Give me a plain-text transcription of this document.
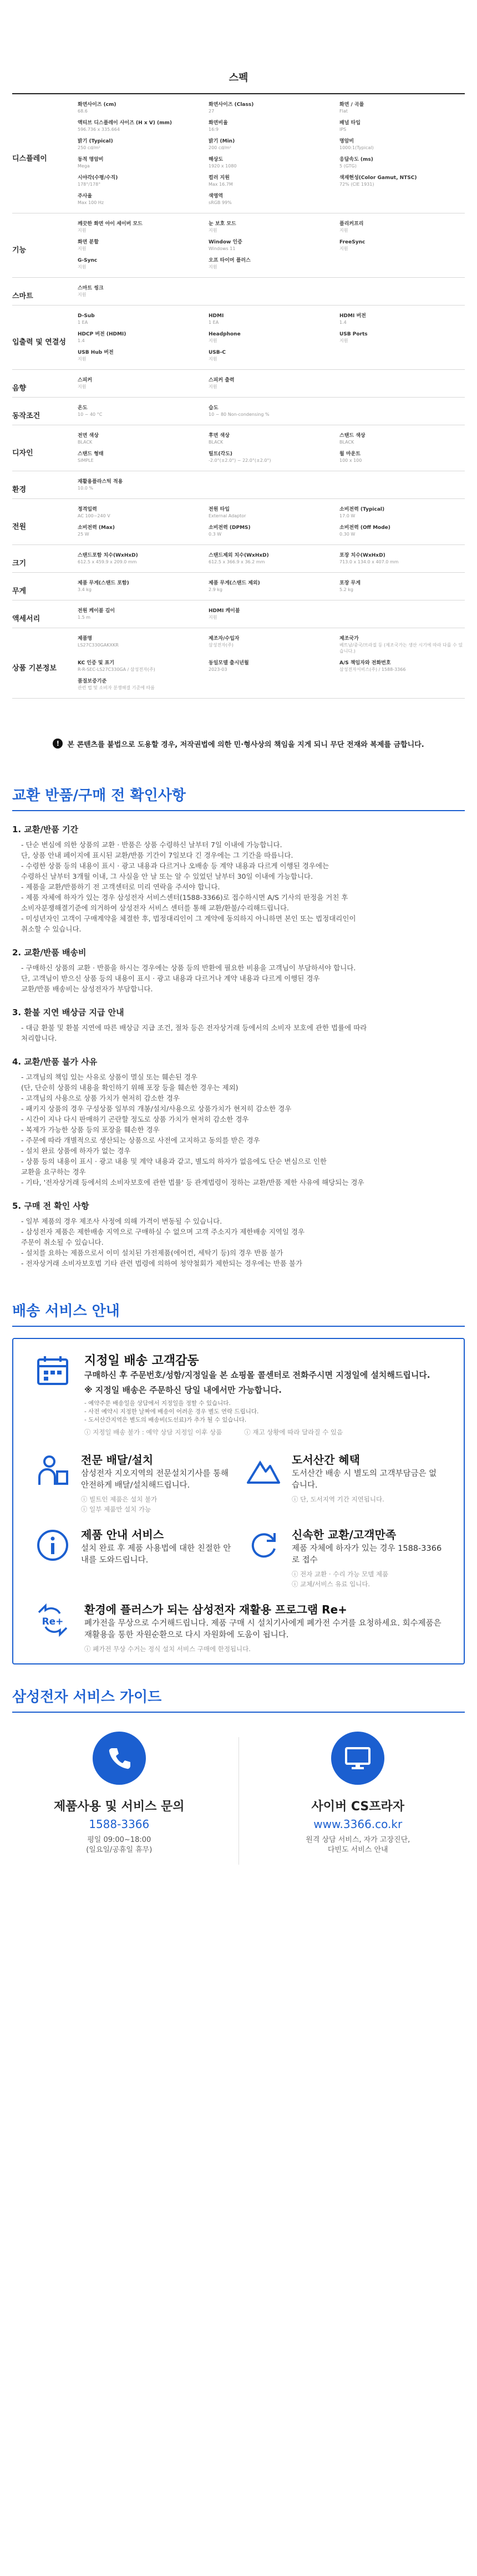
스펙
디스플레이
화면사이즈 (cm)
68.6
화면사이즈 (Class)
27
화면 / 곡률
Flat
액티브 디스플레이 사이즈 (H x V) (mm)
596.736 x 335.664
화면비율
16:9
패널 타입
IPS
밝기 (Typical)
250 cd/m²
밝기 (Min)
200 cd/m²
명암비
1000:1(Typical)
동적 명암비
Mega
해상도
1920 x 1080
응답속도 (ms)
5 (GTG)
시야각(수평/수직)
178°/178°
컬러 지원
Max 16.7M
색재현성(Color Gamut, NTSC)
72% (CIE 1931)
주사율
Max 100 Hz
색영역
sRGB 99%
기능
깨끗한 화면 아이 세이버 모드
지원
눈 보호 모드
지원
플리커프리
지원
화면 분할
지원
Window 인증
Windows 11
FreeSync
지원
G-Sync
지원
오프 타이머 플러스
지원
스마트
스마트 씽크
지원
입출력 및 연결성
D-Sub
1 EA
HDMI
1 EA
HDMI 버전
1.4
HDCP 버전 (HDMI)
1.4
Headphone
지원
USB Ports
지원
USB Hub 버전
지원
USB-C
지원
음향
스피커
지원
스피커 출력
지원
동작조건
온도
10 ~ 40 °C
습도
10 ~ 80 Non-condensing %
디자인
전면 색상
BLACK
후면 색상
BLACK
스탠드 색상
BLACK
스탠드 형태
SIMPLE
틸트(각도)
-2.0°(±2.0°) ~ 22.0°(±2.0°)
월 마운트
100 x 100
환경
재활용플라스틱 적용
10.0 %
전원
정격입력
AC 100~240 V
전원 타입
External Adaptor
소비전력 (Typical)
17.0 W
소비전력 (Max)
25 W
소비전력 (DPMS)
0.3 W
소비전력 (Off Mode)
0.30 W
크기
스탠드포함 치수(WxHxD)
612.5 x 459.9 x 209.0 mm
스탠드제외 치수(WxHxD)
612.5 x 366.9 x 36.2 mm
포장 치수(WxHxD)
713.0 x 134.0 x 407.0 mm
무게
제품 무게(스탠드 포함)
3.4 kg
제품 무게(스탠드 제외)
2.9 kg
포장 무게
5.2 kg
액세서리
전원 케이블 길이
1.5 m
HDMI 케이블
지원
상품 기본정보
제품명
LS27C330GAKXKR
제조자/수입자
삼성전자(주)
제조국가
베트남/중국/브라질 등 (제조국가는 생산 시기에 따라 다를 수 있습니다.)
KC 인증 및 표기
R-R-SEC-LS27C330GA / 삼성전자(주)
동일모델 출시년월
2023-03
A/S 책임자와 전화번호
삼성전자서비스(주) / 1588-3366
품질보증기준
관련 법 및 소비자 분쟁해결 기준에 따름
!	본 콘텐츠를 불법으로 도용할 경우, 저작권법에 의한 민·형사상의 책임을 지게 되니 무단 전재와 복제를 금합니다.
교환 반품/구매 전 확인사항
1. 교환/반품 기간

- 단순 변심에 의한 상품의 교환 · 반품은 상품 수령하신 날부터 7일 이내에 가능합니다.

단, 상품 안내 페이지에 표시된 교환/반품 기간이 7일보다 긴 경우에는 그 기간을 따릅니다.

- 수령한 상품 등의 내용이 표시 · 광고 내용과 다르거나 오배송 등 계약 내용과 다르게 이행된 경우에는

수령하신 날부터 3개월 이내, 그 사실을 안 날 또는 알 수 있었던 날부터 30일 이내에 가능합니다.

- 제품을 교환/반품하기 전 고객센터로 미리 연락을 주셔야 합니다.

- 제품 자체에 하자가 있는 경우 삼성전자 서비스센터(1588-3366)로 접수하시면 A/S 기사의 판정을 거친 후

소비자분쟁해결기준에 의거하여 삼성전자 서비스 센터를 통해 교환/환불/수리해드립니다.

- 미성년자인 고객이 구매계약을 체결한 후, 법정대리인이 그 계약에 동의하지 아니하면 본인 또는 법정대리인이

취소할 수 있습니다.

2. 교환/반품 배송비

- 구매하신 상품의 교환 · 반품을 하시는 경우에는 상품 등의 반환에 필요한 비용을 고객님이 부담하셔야 합니다.

단, 고객님이 받으신 상품 등의 내용이 표시 · 광고 내용과 다르거나 계약 내용과 다르게 이행된 경우

교환/반품 배송비는 삼성전자가 부담합니다.

3. 환불 지연 배상금 지급 안내

- 대금 환불 및 환불 지연에 따른 배상금 지급 조건, 절차 등은 전자상거래 등에서의 소비자 보호에 관한 법률에 따라

처리합니다.

4. 교환/반품 불가 사유

- 고객님의 책임 있는 사유로 상품이 멸실 또는 훼손된 경우

(단, 단순히 상품의 내용을 확인하기 위해 포장 등을 훼손한 경우는 제외)

- 고객님의 사용으로 상품 가치가 현저히 감소한 경우

- 패키지 상품의 경우 구성상품 일부의 개봉/설치/사용으로 상품가치가 현저히 감소한 경우

- 시간이 지나 다시 판매하기 곤란할 정도로 상품 가치가 현저히 감소한 경우

- 복제가 가능한 상품 등의 포장을 훼손한 경우

- 주문에 따라 개별적으로 생산되는 상품으로 사전에 고지하고 동의를 받은 경우

- 설치 완료 상품에 하자가 없는 경우

- 상품 등의 내용이 표시 · 광고 내용 및 계약 내용과 같고, 별도의 하자가 없음에도 단순 변심으로 인한

교환을 요구하는 경우

- 기타, '전자상거래 등에서의 소비자보호에 관한 법률' 등 관계법령이 정하는 교환/반품 제한 사유에 해당되는 경우

5. 구매 전 확인 사항

- 일부 제품의 경우 제조사 사정에 의해 가격이 변동될 수 있습니다.

- 삼성전자 제품은 제한배송 지역으로 구매하실 수 없으며 고객 주소지가 제한배송 지역일 경우

주문이 취소될 수 있습니다.

- 설치를 요하는 제품으로서 이미 설치된 가전제품(에어컨, 세탁기 등)의 경우 반품 불가

- 전자상거래 소비자보호법 기타 관련 법령에 의하여 청약철회가 제한되는 경우에는 반품 불가

배송 서비스 안내
지정일 배송 고객감동
구매하신 후 주문번호/성함/지정일을 본 쇼핑몰 콜센터로 전화주시면 지정일에 설치해드립니다.
※ 지정일 배송은 주문하신 당일 내에서만 가능합니다.
- 예약주문 배송일을 상담에서 지정일을 정할 수 있습니다.
- 사전 예약시 지정한 날짜에 배송이 어려운 경우 별도 연락 드립니다.
- 도서산간지역은 별도의 배송비(도선료)가 추가 될 수 있습니다.
ⓘ 지정일 배송 불가 : 예약 상담 지정일 이후 상품	ⓘ 재고 상황에 따라 달라질 수 있음
전문 배달/설치
삼성전자 지오지역의 전문설치기사를 통해 안전하게 배달/설치해드립니다.
ⓘ 빌트인 제품은 설치 불가
ⓘ 일부 제품만 설치 가능
도서산간 혜택
도서산간 배송 시 별도의 고객부담금은 없습니다.
ⓘ 단, 도서지역 기간 지연됩니다.
제품 안내 서비스
설치 완료 후 제품 사용법에 대한 친절한 안내를 도와드립니다.
신속한 교환/고객만족
제품 자체에 하자가 있는 경우 1588-3366 로 접수
ⓘ 전자 교환 · 수리 가능 모델 제품
ⓘ 교체/서비스 유료 입니다.
Re+
환경에 플러스가 되는 삼성전자 재활용 프로그램 Re+
폐가전을 무상으로 수거해드립니다. 제품 구매 시 설치기사에게 폐가전 수거를 요청하세요. 회수제품은 재활용을 통한 자원순환으로 다시 자원화에 도움이 됩니다.
ⓘ 폐가전 무상 수거는 정식 설치 서비스 구매에 한정됩니다.
삼성전자 서비스 가이드
제품사용 및 서비스 문의
1588-3366
평일 09:00~18:00
(일요일/공휴일 휴무)
사이버 CS프라자
www.3366.co.kr
원격 상담 서비스, 자가 고장진단,
다빈도 서비스 안내
